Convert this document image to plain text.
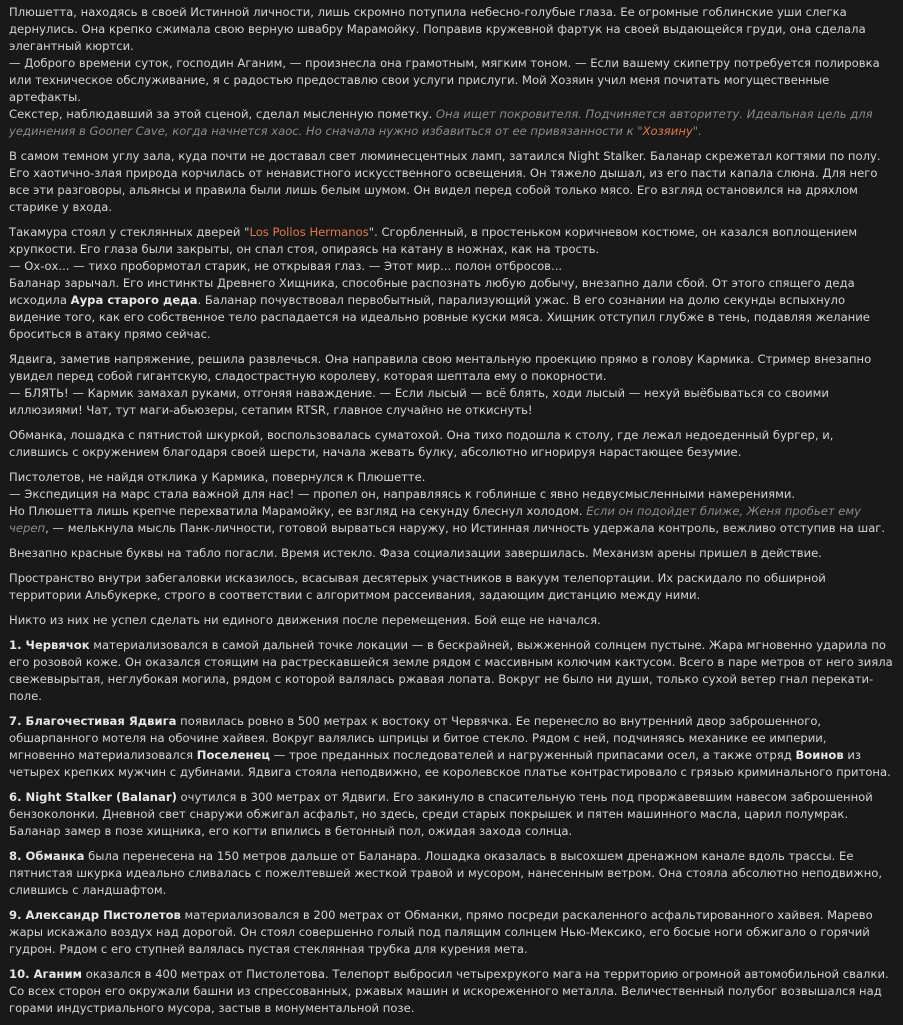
Плюшетта, находясь в своей Истинной личности, лишь скромно потупила небесно-голубые глаза. Ее огромные гоблинские уши слегка дернулись. Она крепко сжимала свою верную швабру Марамойку. Поправив кружевной фартук на своей выдающейся груди, она сделала элегантный кюртси.
— Доброго времени суток, господин Аганим, — произнесла она грамотным, мягким тоном. — Если вашему скипетру потребуется полировка или техническое обслуживание, я с радостью предоставлю свои услуги прислуги. Мой Хозяин учил меня почитать могущественные артефакты.
Секстер, наблюдавший за этой сценой, сделал мысленную пометку. Она ищет покровителя. Подчиняется авторитету. Идеальная цель для уединения в Gooner Cave, когда начнется хаос. Но сначала нужно избавиться от ее привязанности к "Хозяину".

В самом темном углу зала, куда почти не доставал свет люминесцентных ламп, затаился Night Stalker. Баланар скрежетал когтями по полу. Его хаотично-злая природа корчилась от ненавистного искусственного освещения. Он тяжело дышал, из его пасти капала слюна. Для него все эти разговоры, альянсы и правила были лишь белым шумом. Он видел перед собой только мясо. Его взгляд остановился на дряхлом старике у входа.

Такамура стоял у стеклянных дверей "Los Pollos Hermanos". Сгорбленный, в простеньком коричневом костюме, он казался воплощением хрупкости. Его глаза были закрыты, он спал стоя, опираясь на катану в ножнах, как на трость.
— Ох-ох... — тихо пробормотал старик, не открывая глаз. — Этот мир... полон отбросов...
Баланар зарычал. Его инстинкты Древнего Хищника, способные распознать любую добычу, внезапно дали сбой. От этого спящего деда исходила Аура старого деда. Баланар почувствовал первобытный, парализующий ужас. В его сознании на долю секунды вспыхнуло видение того, как его собственное тело распадается на идеально ровные куски мяса. Хищник отступил глубже в тень, подавляя желание броситься в атаку прямо сейчас.

Ядвига, заметив напряжение, решила развлечься. Она направила свою ментальную проекцию прямо в голову Кармика. Стример внезапно увидел перед собой гигантскую, сладострастную королеву, которая шептала ему о покорности.
— БЛЯТЬ! — Кармик замахал руками, отгоняя наваждение. — Если лысый — всё блять, ходи лысый — нехуй выёбываться со своими иллюзиями! Чат, тут маги-абьюзеры, сетапим RTSR, главное случайно не откиснуть!

Обманка, лошадка с пятнистой шкуркой, воспользовалась суматохой. Она тихо подошла к столу, где лежал недоеденный бургер, и, слившись с окружением благодаря своей шерсти, начала жевать булку, абсолютно игнорируя нарастающее безумие.

Пистолетов, не найдя отклика у Кармика, повернулся к Плюшетте.
— Экспедиция на марс стала важной для нас! — пропел он, направляясь к гоблинше с явно недвусмысленными намерениями.
Но Плюшетта лишь крепче перехватила Марамойку, ее взгляд на секунду блеснул холодом. Если он подойдет ближе, Женя пробьет ему череп, — мелькнула мысль Панк-личности, готовой вырваться наружу, но Истинная личность удержала контроль, вежливо отступив на шаг.

Внезапно красные буквы на табло погасли. Время истекло. Фаза социализации завершилась. Механизм арены пришел в действие.

Пространство внутри забегаловки исказилось, всасывая десятерых участников в вакуум телепортации. Их раскидало по обширной территории Альбукерке, строго в соответствии с алгоритмом рассеивания, задающим дистанцию между ними.

Никто из них не успел сделать ни единого движения после перемещения. Бой еще не начался.

1. Червячок материализовался в самой дальней точке локации — в бескрайней, выжженной солнцем пустыне. Жара мгновенно ударила по его розовой коже. Он оказался стоящим на растрескавшейся земле рядом с массивным колючим кактусом. Всего в паре метров от него зияла свежевырытая, неглубокая могила, рядом с которой валялась ржавая лопата. Вокруг не было ни души, только сухой ветер гнал перекати-поле.

7. Благочестивая Ядвига появилась ровно в 500 метрах к востоку от Червячка. Ее перенесло во внутренний двор заброшенного, обшарпанного мотеля на обочине хайвея. Вокруг валялись шприцы и битое стекло. Рядом с ней, подчиняясь механике ее империи, мгновенно материализовался Поселенец — трое преданных последователей и нагруженный припасами осел, а также отряд Воинов из четырех крепких мужчин с дубинами. Ядвига стояла неподвижно, ее королевское платье контрастировало с грязью криминального притона.

6. Night Stalker (Balanar) очутился в 300 метрах от Ядвиги. Его закинуло в спасительную тень под проржавевшим навесом заброшенной бензоколонки. Дневной свет снаружи обжигал асфальт, но здесь, среди старых покрышек и пятен машинного масла, царил полумрак. Баланар замер в позе хищника, его когти впились в бетонный пол, ожидая захода солнца.

8. Обманка была перенесена на 150 метров дальше от Баланара. Лошадка оказалась в высохшем дренажном канале вдоль трассы. Ее пятнистая шкурка идеально сливалась с пожелтевшей жесткой травой и мусором, нанесенным ветром. Она стояла абсолютно неподвижно, слившись с ландшафтом.

9. Александр Пистолетов материализовался в 200 метрах от Обманки, прямо посреди раскаленного асфальтированного хайвея. Марево жары искажало воздух над дорогой. Он стоял совершенно голый под палящим солнцем Нью-Мексико, его босые ноги обжигало о горячий гудрон. Рядом с его ступней валялась пустая стеклянная трубка для курения мета.

10. Аганим оказался в 400 метрах от Пистолетова. Телепорт выбросил четырехрукого мага на территорию огромной автомобильной свалки. Со всех сторон его окружали башни из спрессованных, ржавых машин и искореженного металла. Величественный полубог возвышался над горами индустриального мусора, застыв в монументальной позе.
